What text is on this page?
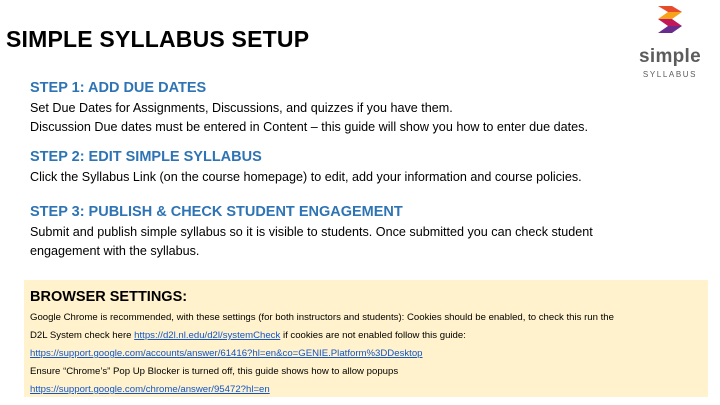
SIMPLE SYLLABUS SETUP
simple
SYLLABUS
STEP 1: ADD DUE DATES

Set Due Dates for Assignments, Discussions, and quizzes if you have them.
Discussion Due dates must be entered in Content – this guide will show you how to enter due dates.

STEP 2: EDIT SIMPLE SYLLABUS

Click the Syllabus Link (on the course homepage) to edit, add your information and course policies.

STEP 3: PUBLISH & CHECK STUDENT ENGAGEMENT

Submit and publish simple syllabus so it is visible to students. Once submitted you can check student
engagement with the syllabus.

BROWSER SETTINGS:

Google Chrome is recommended, with these settings (for both instructors and students): Cookies should be enabled, to check this run the

D2L System check here https://d2l.nl.edu/d2l/systemCheck if cookies are not enabled follow this guide:

https://support.google.com/accounts/answer/61416?hl=en&co=GENIE.Platform%3DDesktop

Ensure “Chrome’s” Pop Up Blocker is turned off, this guide shows how to allow popups

https://support.google.com/chrome/answer/95472?hl=en
